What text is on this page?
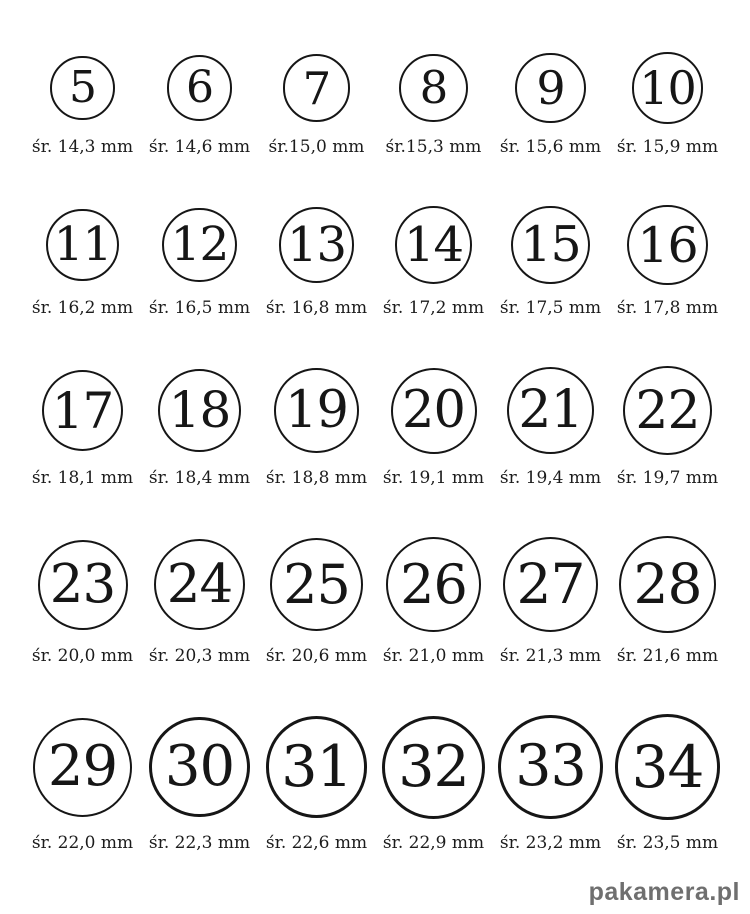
5
śr. 14,3 mm
6
śr. 14,6 mm
7
śr.15,0 mm
8
śr.15,3 mm
9
śr. 15,6 mm
10
śr. 15,9 mm
11
śr. 16,2 mm
12
śr. 16,5 mm
13
śr. 16,8 mm
14
śr. 17,2 mm
15
śr. 17,5 mm
16
śr. 17,8 mm
17
śr. 18,1 mm
18
śr. 18,4 mm
19
śr. 18,8 mm
20
śr. 19,1 mm
21
śr. 19,4 mm
22
śr. 19,7 mm
23
śr. 20,0 mm
24
śr. 20,3 mm
25
śr. 20,6 mm
26
śr. 21,0 mm
27
śr. 21,3 mm
28
śr. 21,6 mm
29
śr. 22,0 mm
30
śr. 22,3 mm
31
śr. 22,6 mm
32
śr. 22,9 mm
33
śr. 23,2 mm
34
śr. 23,5 mm
pakamera.pl
